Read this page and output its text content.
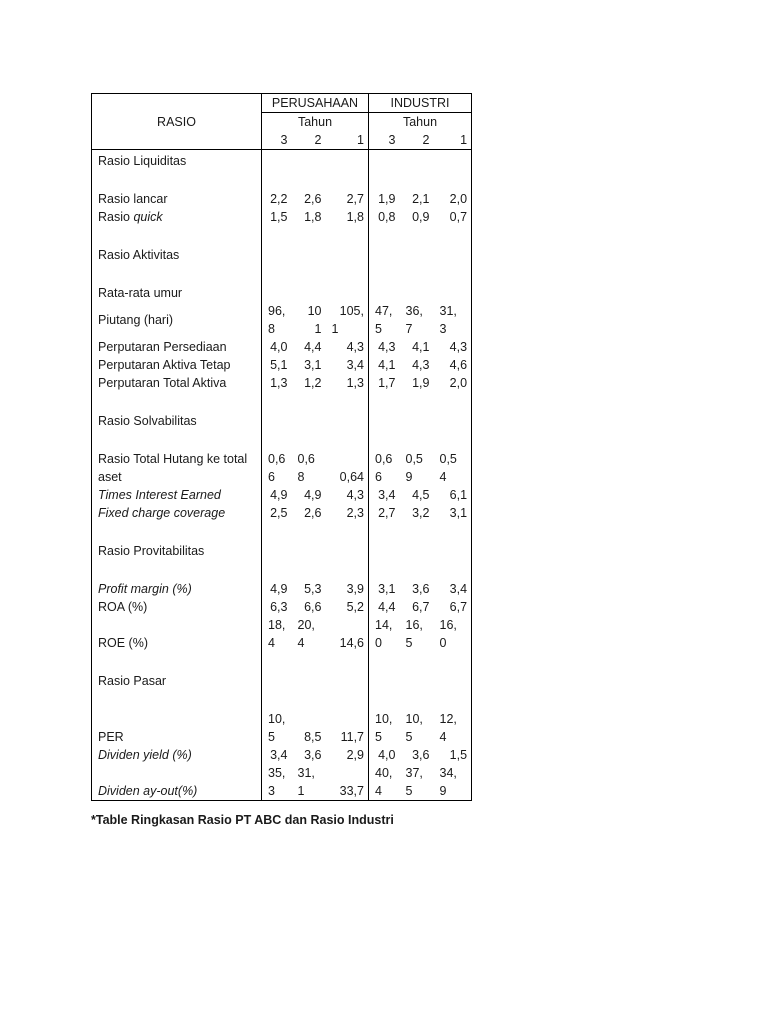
RASIO	PERUSAHAAN			INDUSTRI		
	Tahun			Tahun		
	3	2	1	3	2	1
Rasio Liquiditas						

Rasio lancar	2,2	2,6	2,7	1,9	2,1	2,0
Rasio quick	1,5	1,8	1,8	0,8	0,9	0,7

Rasio Aktivitas						

Rata-rata umur						
Piutang (hari)	96,	10	105,	47,	36,	31,
	8	1	1	5	7	3
Perputaran Persediaan	4,0	4,4	4,3	4,3	4,1	4,3
Perputaran Aktiva Tetap	5,1	3,1	3,4	4,1	4,3	4,6
Perputaran Total Aktiva	1,3	1,2	1,3	1,7	1,9	2,0

Rasio Solvabilitas						

Rasio Total Hutang ke total	0,6	0,6		0,6	0,5	0,5
aset	6	8	0,64	6	9	4
Times Interest Earned	4,9	4,9	4,3	3,4	4,5	6,1
Fixed charge coverage	2,5	2,6	2,3	2,7	3,2	3,1

Rasio Provitabilitas						

Profit margin (%)	4,9	5,3	3,9	3,1	3,6	3,4
ROA (%)	6,3	6,6	5,2	4,4	6,7	6,7
	18,	20,		14,	16,	16,
ROE (%)	4	4	14,6	0	5	0

Rasio Pasar						

	10,			10,	10,	12,
PER	5	8,5	11,7	5	5	4
Dividen yield (%)	3,4	3,6	2,9	4,0	3,6	1,5
	35,	31,		40,	37,	34,
Dividen ay-out(%)	3	1	33,7	4	5	9
*Table Ringkasan Rasio PT ABC dan Rasio Industri
